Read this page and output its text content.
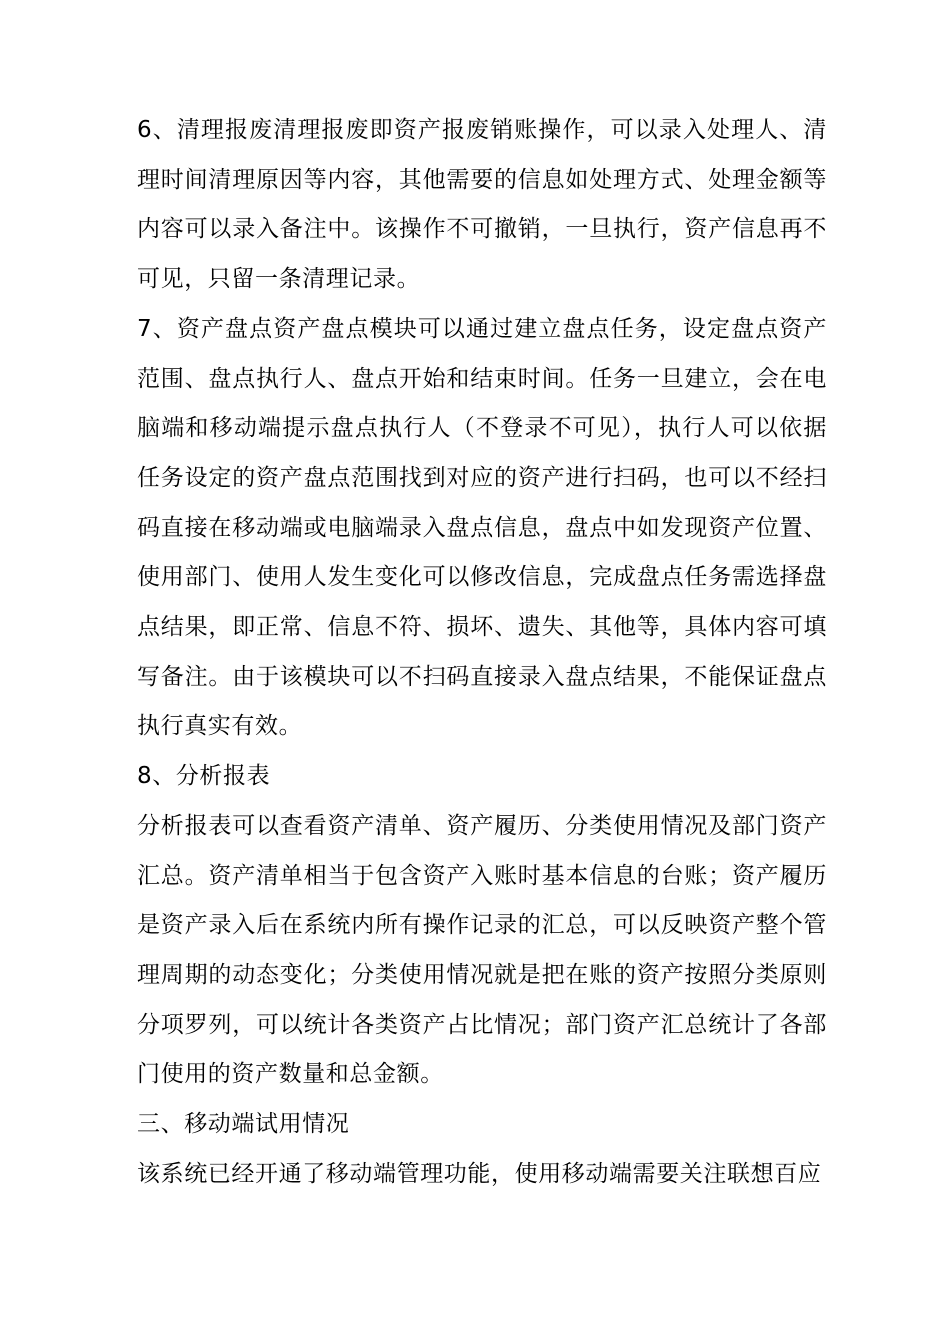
6、清理报废清理报废即资产报废销账操作，可以录入处理人、清理时间清理原因等内容，其他需要的信息如处理方式、处理金额等内容可以录入备注中。该操作不可撤销，一旦执行，资产信息再不可见，只留一条清理记录。

7、资产盘点资产盘点模块可以通过建立盘点任务，设定盘点资产范围、盘点执行人、盘点开始和结束时间。任务一旦建立，会在电脑端和移动端提示盘点执行人（不登录不可见），执行人可以依据任务设定的资产盘点范围找到对应的资产进行扫码，也可以不经扫码直接在移动端或电脑端录入盘点信息，盘点中如发现资产位置、使用部门、使用人发生变化可以修改信息，完成盘点任务需选择盘点结果，即正常、信息不符、损坏、遗失、其他等，具体内容可填写备注。由于该模块可以不扫码直接录入盘点结果，不能保证盘点执行真实有效。

8、分析报表

分析报表可以查看资产清单、资产履历、分类使用情况及部门资产汇总。资产清单相当于包含资产入账时基本信息的台账；资产履历是资产录入后在系统内所有操作记录的汇总，可以反映资产整个管理周期的动态变化；分类使用情况就是把在账的资产按照分类原则分项罗列，可以统计各类资产占比情况；部门资产汇总统计了各部门使用的资产数量和总金额。

三、移动端试用情况

该系统已经开通了移动端管理功能，使用移动端需要关注联想百应
